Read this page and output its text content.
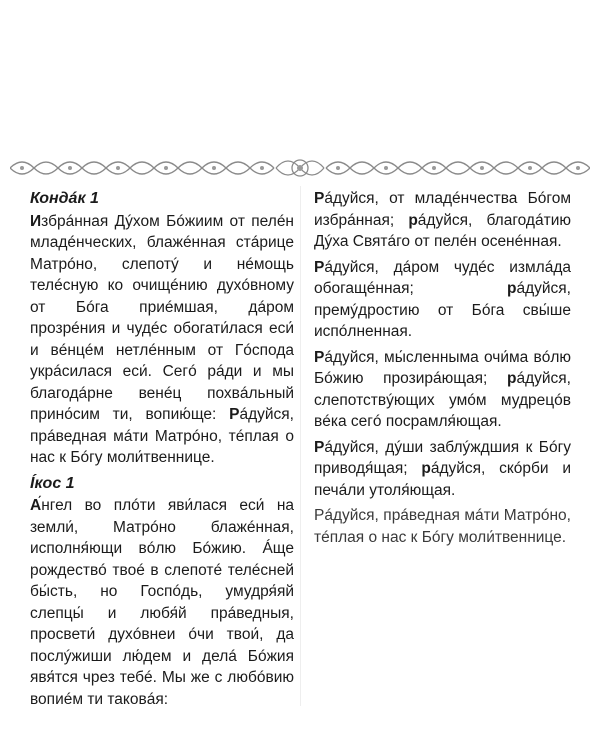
Кондáк 1

Избрáнная Дýхом Бóжиим от пелéн младéнческих, блажéнная стáрице Матрóно, слепотý и нéмощь телéсную ко очищéнию духóвному от Бóга приéмшая, дáром прозрéния и чудéс обогати́лася еси́ и вéнцéм нетлéнным от Гóспода укрáсилася еси́. Сегó рáди и мы благодáрне венéц похвáльный прино́сим ти, вопию́ще: Рáдуйся, прáведная мáти Матрóно, тéплая о нас к Бóгу моли́твеннице.

Íкос 1

А́нгел во плóти яви́лася еси́ на земли́, Матрóно блажéнная, исполня́ющи вóлю Бóжию. Áще рождествó твоé в слепотé телéсней бы́сть, но Госпóдь, умудря́яй слепцы́ и любя́й прáведныя, просвети́ духóвнеи óчи твои́, да послýжиши лю́дем и делá Бóжия явя́тся чрез тебé. Мы же с любóвию вопиéм ти таковáя:

Рáдуйся, от младéнчества Бóгом избрáнная; рáдуйся, благодáтию Дýха Святáго от пелéн осенéнная.

Рáдуйся, дáром чудéс измлáда обогащéнная; рáдуйся, премýдростию от Бóга свы́ше испóлненная.

Рáдуйся, мы́сленныма очи́ма вóлю Бóжию прозирáющая; рáдуйся, слепотствýющих умóм мудрецóв вéка сегó посрамля́ющая.

Рáдуйся, дýши заблýждшия к Бóгу приводя́щая; рáдуйся, скóрби и печáли утоля́ющая.

Рáдуйся, прáведная мáти Матрóно, тéплая о нас к Бóгу моли́твеннице.
